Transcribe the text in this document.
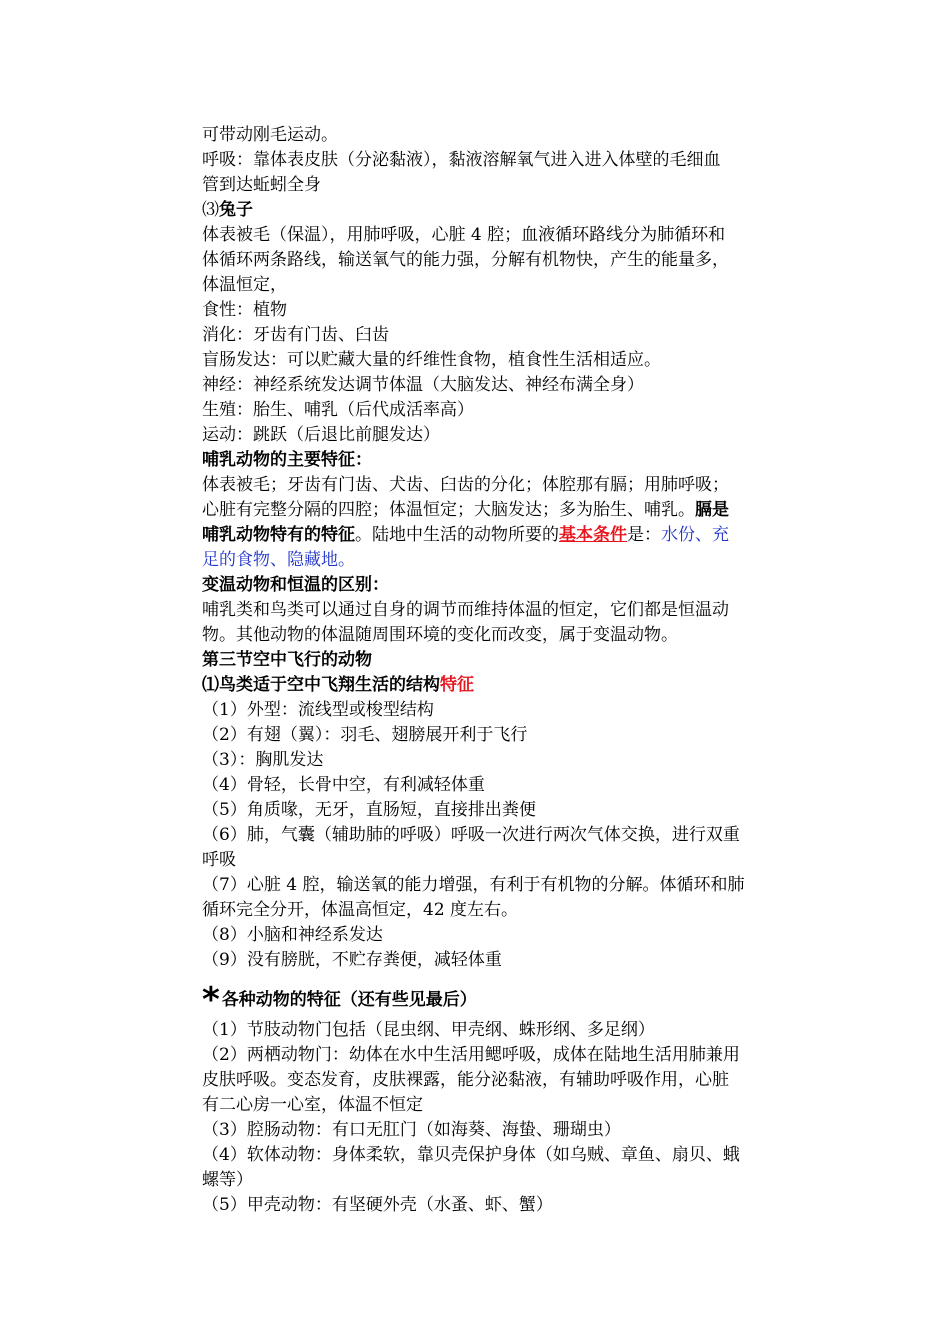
可带动刚毛运动。
呼吸：靠体表皮肤（分泌黏液），黏液溶解氧气进入进入体壁的毛细血
管到达蚯蚓全身
⑶兔子
体表被毛（保温），用肺呼吸，心脏 4 腔；血液循环路线分为肺循环和
体循环两条路线，输送氧气的能力强，分解有机物快，产生的能量多，
体温恒定，
食性：植物
消化：牙齿有门齿、臼齿
盲肠发达：可以贮藏大量的纤维性食物，植食性生活相适应。
神经：神经系统发达调节体温（大脑发达、神经布满全身）
生殖：胎生、哺乳（后代成活率高）
运动：跳跃（后退比前腿发达）
哺乳动物的主要特征：
体表被毛；牙齿有门齿、犬齿、臼齿的分化；体腔那有膈；用肺呼吸；
心脏有完整分隔的四腔；体温恒定；大脑发达；多为胎生、哺乳。膈是
哺乳动物特有的特征。陆地中生活的动物所要的基本条件是：水份、充
足的食物、隐藏地。
变温动物和恒温的区别：
哺乳类和鸟类可以通过自身的调节而维持体温的恒定，它们都是恒温动
物。其他动物的体温随周围环境的变化而改变，属于变温动物。
第三节空中飞行的动物
⑴鸟类适于空中飞翔生活的结构特征
（1）外型：流线型或梭型结构
（2）有翅（翼）：羽毛、翅膀展开利于飞行
（3）：胸肌发达
（4）骨轻，长骨中空，有利减轻体重
（5）角质喙，无牙，直肠短，直接排出粪便
（6）肺，气囊（辅助肺的呼吸）呼吸一次进行两次气体交换，进行双重
呼吸
（7）心脏 4 腔，输送氧的能力增强，有利于有机物的分解。体循环和肺
循环完全分开，体温高恒定，42 度左右。
（8）小脑和神经系发达
（9）没有膀胱，不贮存粪便，减轻体重
* 各种动物的特征（还有些见最后）
（1）节肢动物门包括（昆虫纲、甲壳纲、蛛形纲、多足纲）
（2）两栖动物门：幼体在水中生活用鳃呼吸，成体在陆地生活用肺兼用
皮肤呼吸。变态发育，皮肤裸露，能分泌黏液，有辅助呼吸作用，心脏
有二心房一心室，体温不恒定
（3）腔肠动物：有口无肛门（如海葵、海蛰、珊瑚虫）
（4）软体动物：身体柔软，靠贝壳保护身体（如乌贼、章鱼、扇贝、蛾
螺等）
（5）甲壳动物：有坚硬外壳（水蚤、虾、蟹）
